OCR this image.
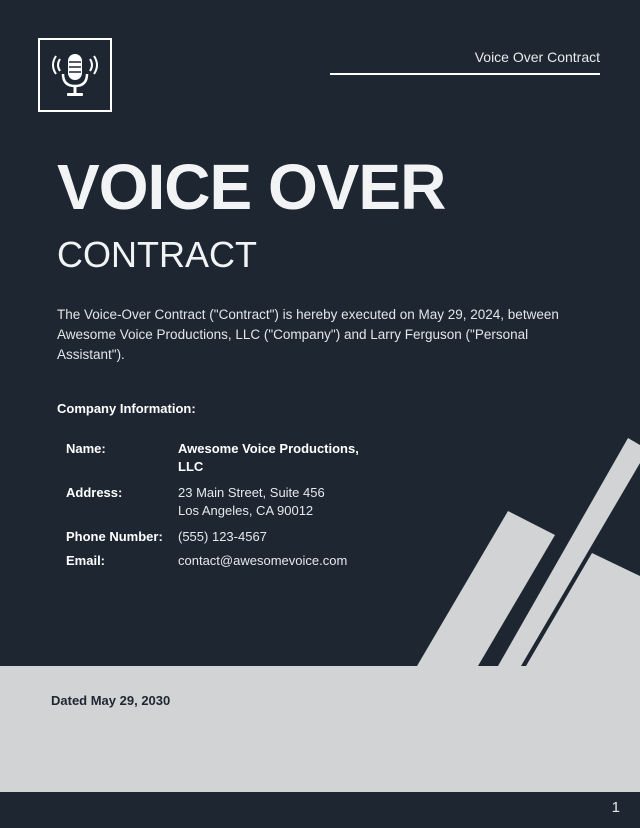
Voice Over Contract
VOICE OVER
CONTRACT
The Voice-Over Contract ("Contract") is hereby executed on May 29, 2024, between Awesome Voice Productions, LLC ("Company") and Larry Ferguson ("Personal Assistant").
Company Information:
Name:	Awesome Voice Productions, LLC
Address:	23 Main Street, Suite 456
Los Angeles, CA 90012
Phone Number:	(555) 123-4567
Email:	contact@awesomevoice.com
Dated May 29, 2030
1
